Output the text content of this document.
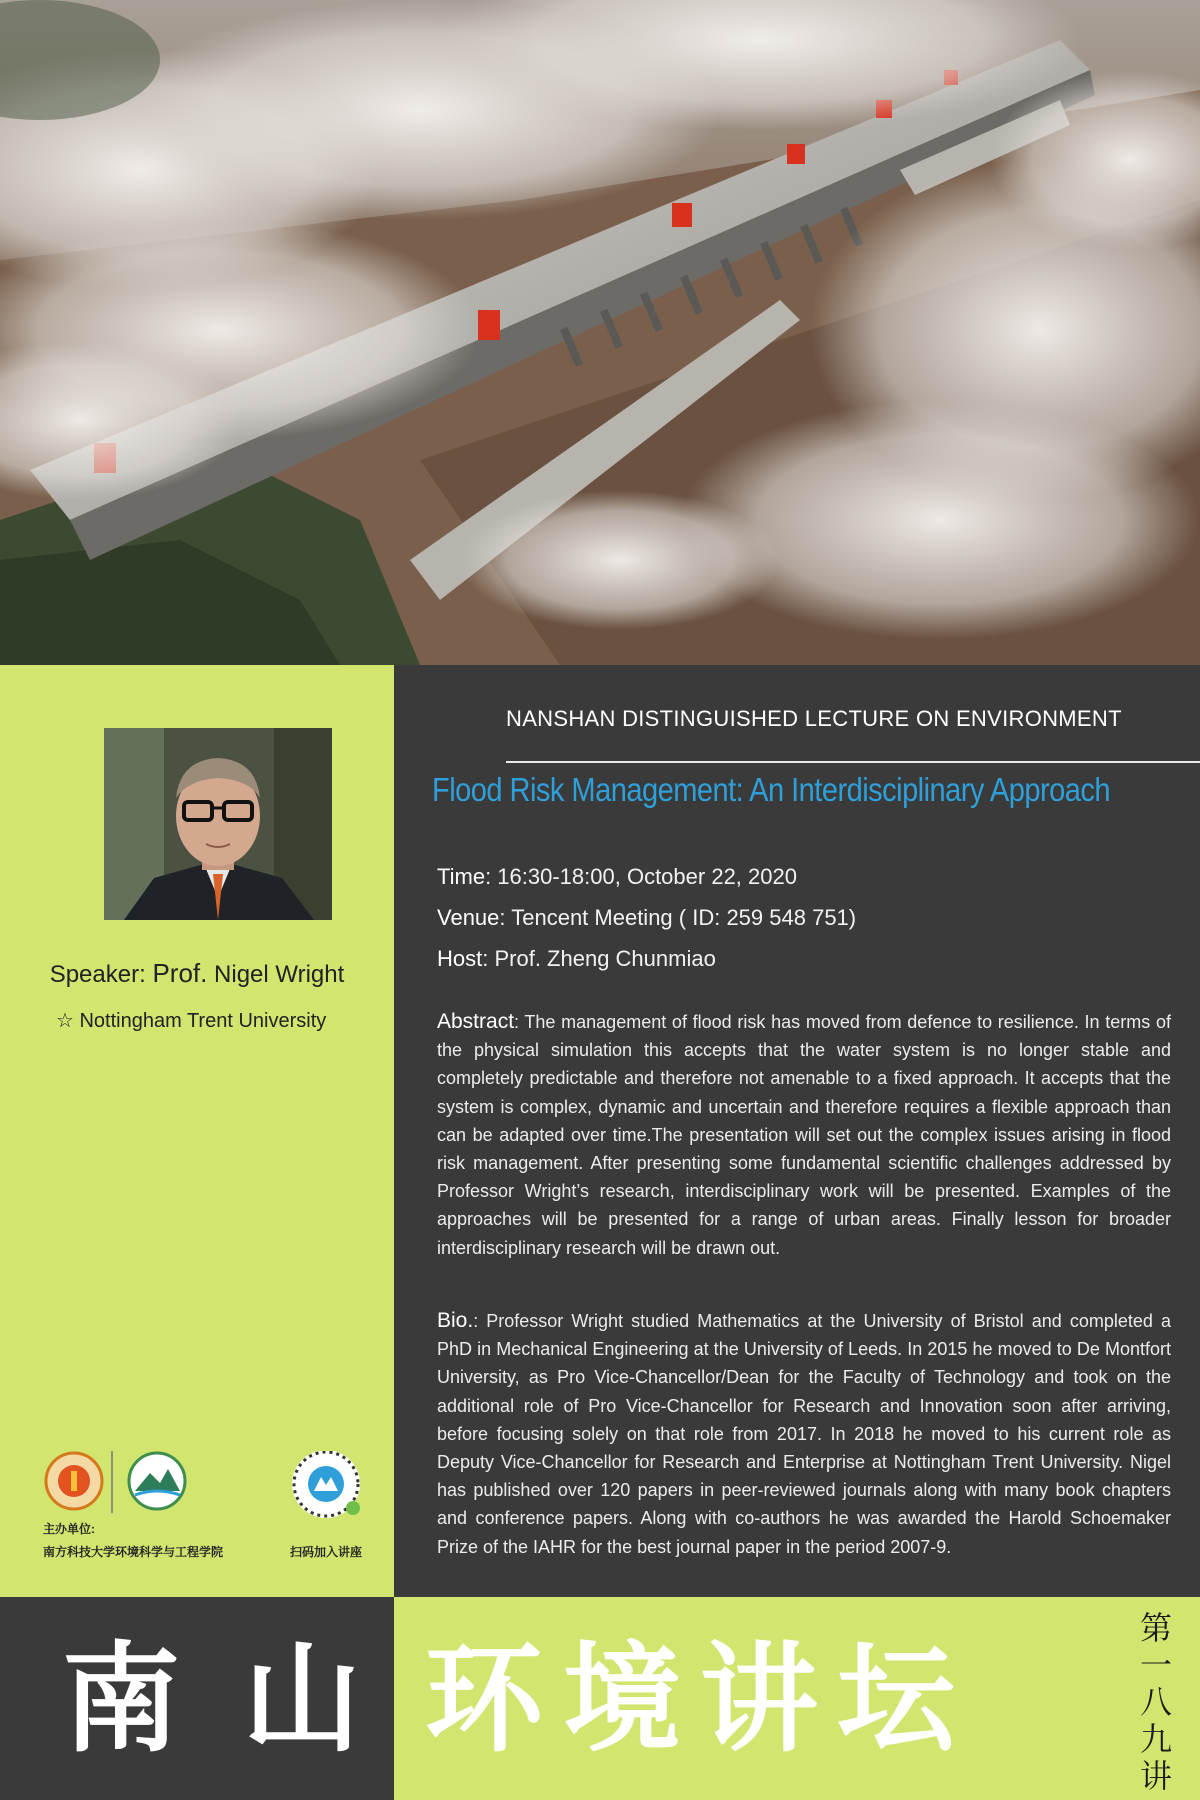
Speaker: Prof. Nigel Wright
☆ Nottingham Trent University
主办单位:
南方科技大学环境科学与工程学院	扫码加入讲座
NANSHAN DISTINGUISHED LECTURE ON ENVIRONMENT
Flood Risk Management: An Interdisciplinary Approach
Time: 16:30-18:00, October 22, 2020
Venue: Tencent Meeting ( ID: 259 548 751)
Host: Prof. Zheng Chunmiao
Abstract: The management of flood risk has moved from defence to resilience. In terms of the physical simulation this accepts that the water system is no longer stable and completely predictable and therefore not amenable to a fixed approach. It accepts that the system is complex, dynamic and uncertain and therefore requires a flexible approach than can be adapted over time.The presentation will set out the complex issues arising in flood risk management. After presenting some fundamental scientific challenges addressed by Professor Wright’s research, interdisciplinary work will be presented. Examples of the approaches will be presented for a range of urban areas. Finally lesson for broader interdisciplinary research will be drawn out.
Bio.: Professor Wright studied Mathematics at the University of Bristol and completed a PhD in Mechanical Engineering at the University of Leeds. In 2015 he moved to De Montfort University, as Pro Vice-Chancellor/Dean for the Faculty of Technology and took on the additional role of Pro Vice-Chancellor for Research and Innovation soon after arriving, before focusing solely on that role from 2017. In 2018 he moved to his current role as Deputy Vice-Chancellor for Research and Enterprise at Nottingham Trent University. Nigel has published over 120 papers in peer-reviewed journals along with many book chapters and conference papers. Along with co-authors he was awarded the Harold Schoemaker Prize of the IAHR for the best journal paper in the period 2007-9.
南 山 环 境 讲 坛
第
一
八
九
讲
